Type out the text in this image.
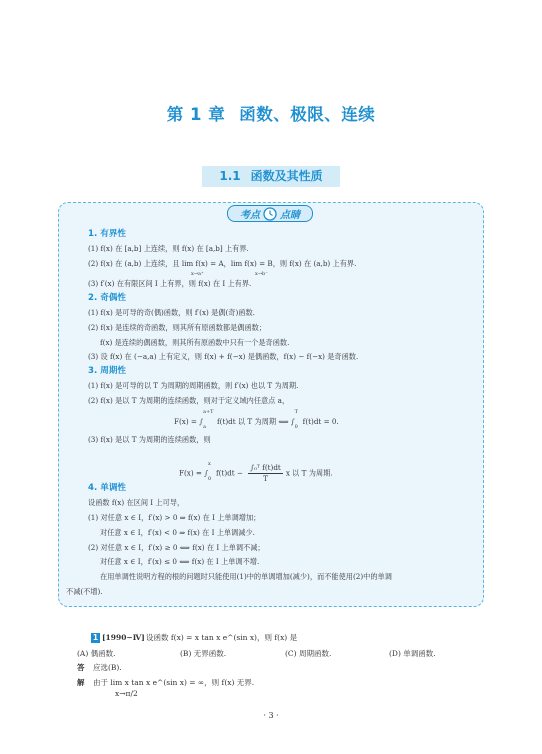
第 1 章 函数、极限、连续
1.1 函数及其性质
考点 点睛
1. 有界性
(1) f(x) 在 [a,b] 上连续，则 f(x) 在 [a,b] 上有界.
(2) f(x) 在 (a,b) 上连续，且 lim f(x) = A，lim f(x) = B，则 f(x) 在 (a,b) 上有界.
x→a⁺	x→b⁻
(3) f′(x) 在有限区间 I 上有界，则 f(x) 在 I 上有界.
2. 奇偶性
(1) f(x) 是可导的奇(偶)函数，则 f′(x) 是偶(奇)函数.
(2) f(x) 是连续的奇函数，则其所有原函数都是偶函数；
f(x) 是连续的偶函数，则其所有原函数中只有一个是奇函数.
(3) 设 f(x) 在 (−a,a) 上有定义，则 f(x) + f(−x) 是偶函数，f(x) − f(−x) 是奇函数.
3. 周期性
(1) f(x) 是可导的以 T 为周期的周期函数，则 f′(x) 也以 T 为周期.
(2) f(x) 是以 T 为周期的连续函数，则对于定义域内任意点 a，
F(x) = ∫
a+T
a
f(t)dt 以 T 为周期 ⟺ ∫
T
0
f(t)dt = 0.
(3) f(x) 是以 T 为周期的连续函数，则
F(x) = ∫
x
0
$f(t)dt - \frac{\text{∫₀ᵀ f(t)dt}}{T}$ x 以 T 为周期.
4. 单调性
设函数 f(x) 在区间 I 上可导，
(1) 对任意 x ∈ I，f′(x) > 0 ⇒ f(x) 在 I 上单调增加；
对任意 x ∈ I，f′(x) < 0 ⇒ f(x) 在 I 上单调减少.
(2) 对任意 x ∈ I，f′(x) ≥ 0 ⟺ f(x) 在 I 上单调不减；
对任意 x ∈ I，f′(x) ≤ 0 ⟺ f(x) 在 I 上单调不增.
在用单调性说明方程的根的问题时只能使用(1)中的单调增加(减少)，而不能使用(2)中的单调
不减(不增).
1 [1990−Ⅳ] 设函数 f(x) = x tan x e^(sin x)，则 f(x) 是
(A) 偶函数.	(B) 无界函数.	(C) 周期函数.	(D) 单调函数.
答 应选(B).
解 由于 lim x tan x e^(sin x) = ∞，则 f(x) 无界.
x→π/2
· 3 ·
